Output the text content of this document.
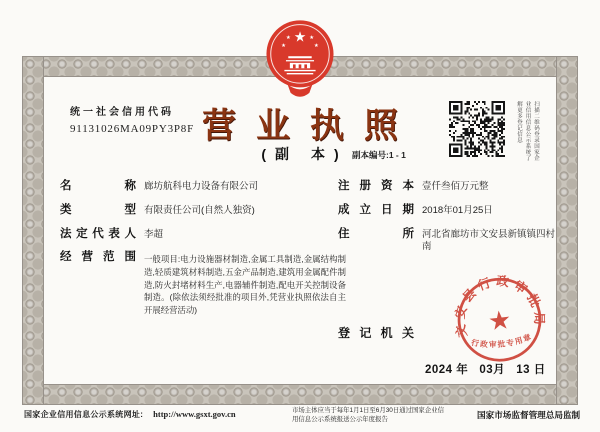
★
★
★
★
★
统一社会信用代码
91131026MA09PY3P8F 营业执照
(副 本) 副本编号:1 - 1	扫描二维码登录国家企业信用信息公示系统了解更多登记信息
名称 廊坊航科电力设备有限公司
类型 有限责任公司(自然人独资)
法定代表人 李超
经营范围 一般项目:电力设施器材制造,金属工具制造,金属结构制造,轻质建筑材料制造,五金产品制造,建筑用金属配件制造,防火封堵材料生产,电器辅件制造,配电开关控制设备制造。(除依法须经批准的项目外,凭营业执照依法自主开展经营活动)
注册资本 壹仟叁佰万元整
成立日期 2018年01月25日
住所 河北省廊坊市文安县新镇镇四村南
登记机关 ★
文安县行政审批局
行政审批专用章
2024 年   03月   13 日
国家企业信用信息公示系统网址: http://www.gsxt.gov.cn	市场主体应当于每年1月1日至6月30日通过国家企业信用信息公示系统报送公示年度报告	国家市场监督管理总局监制
